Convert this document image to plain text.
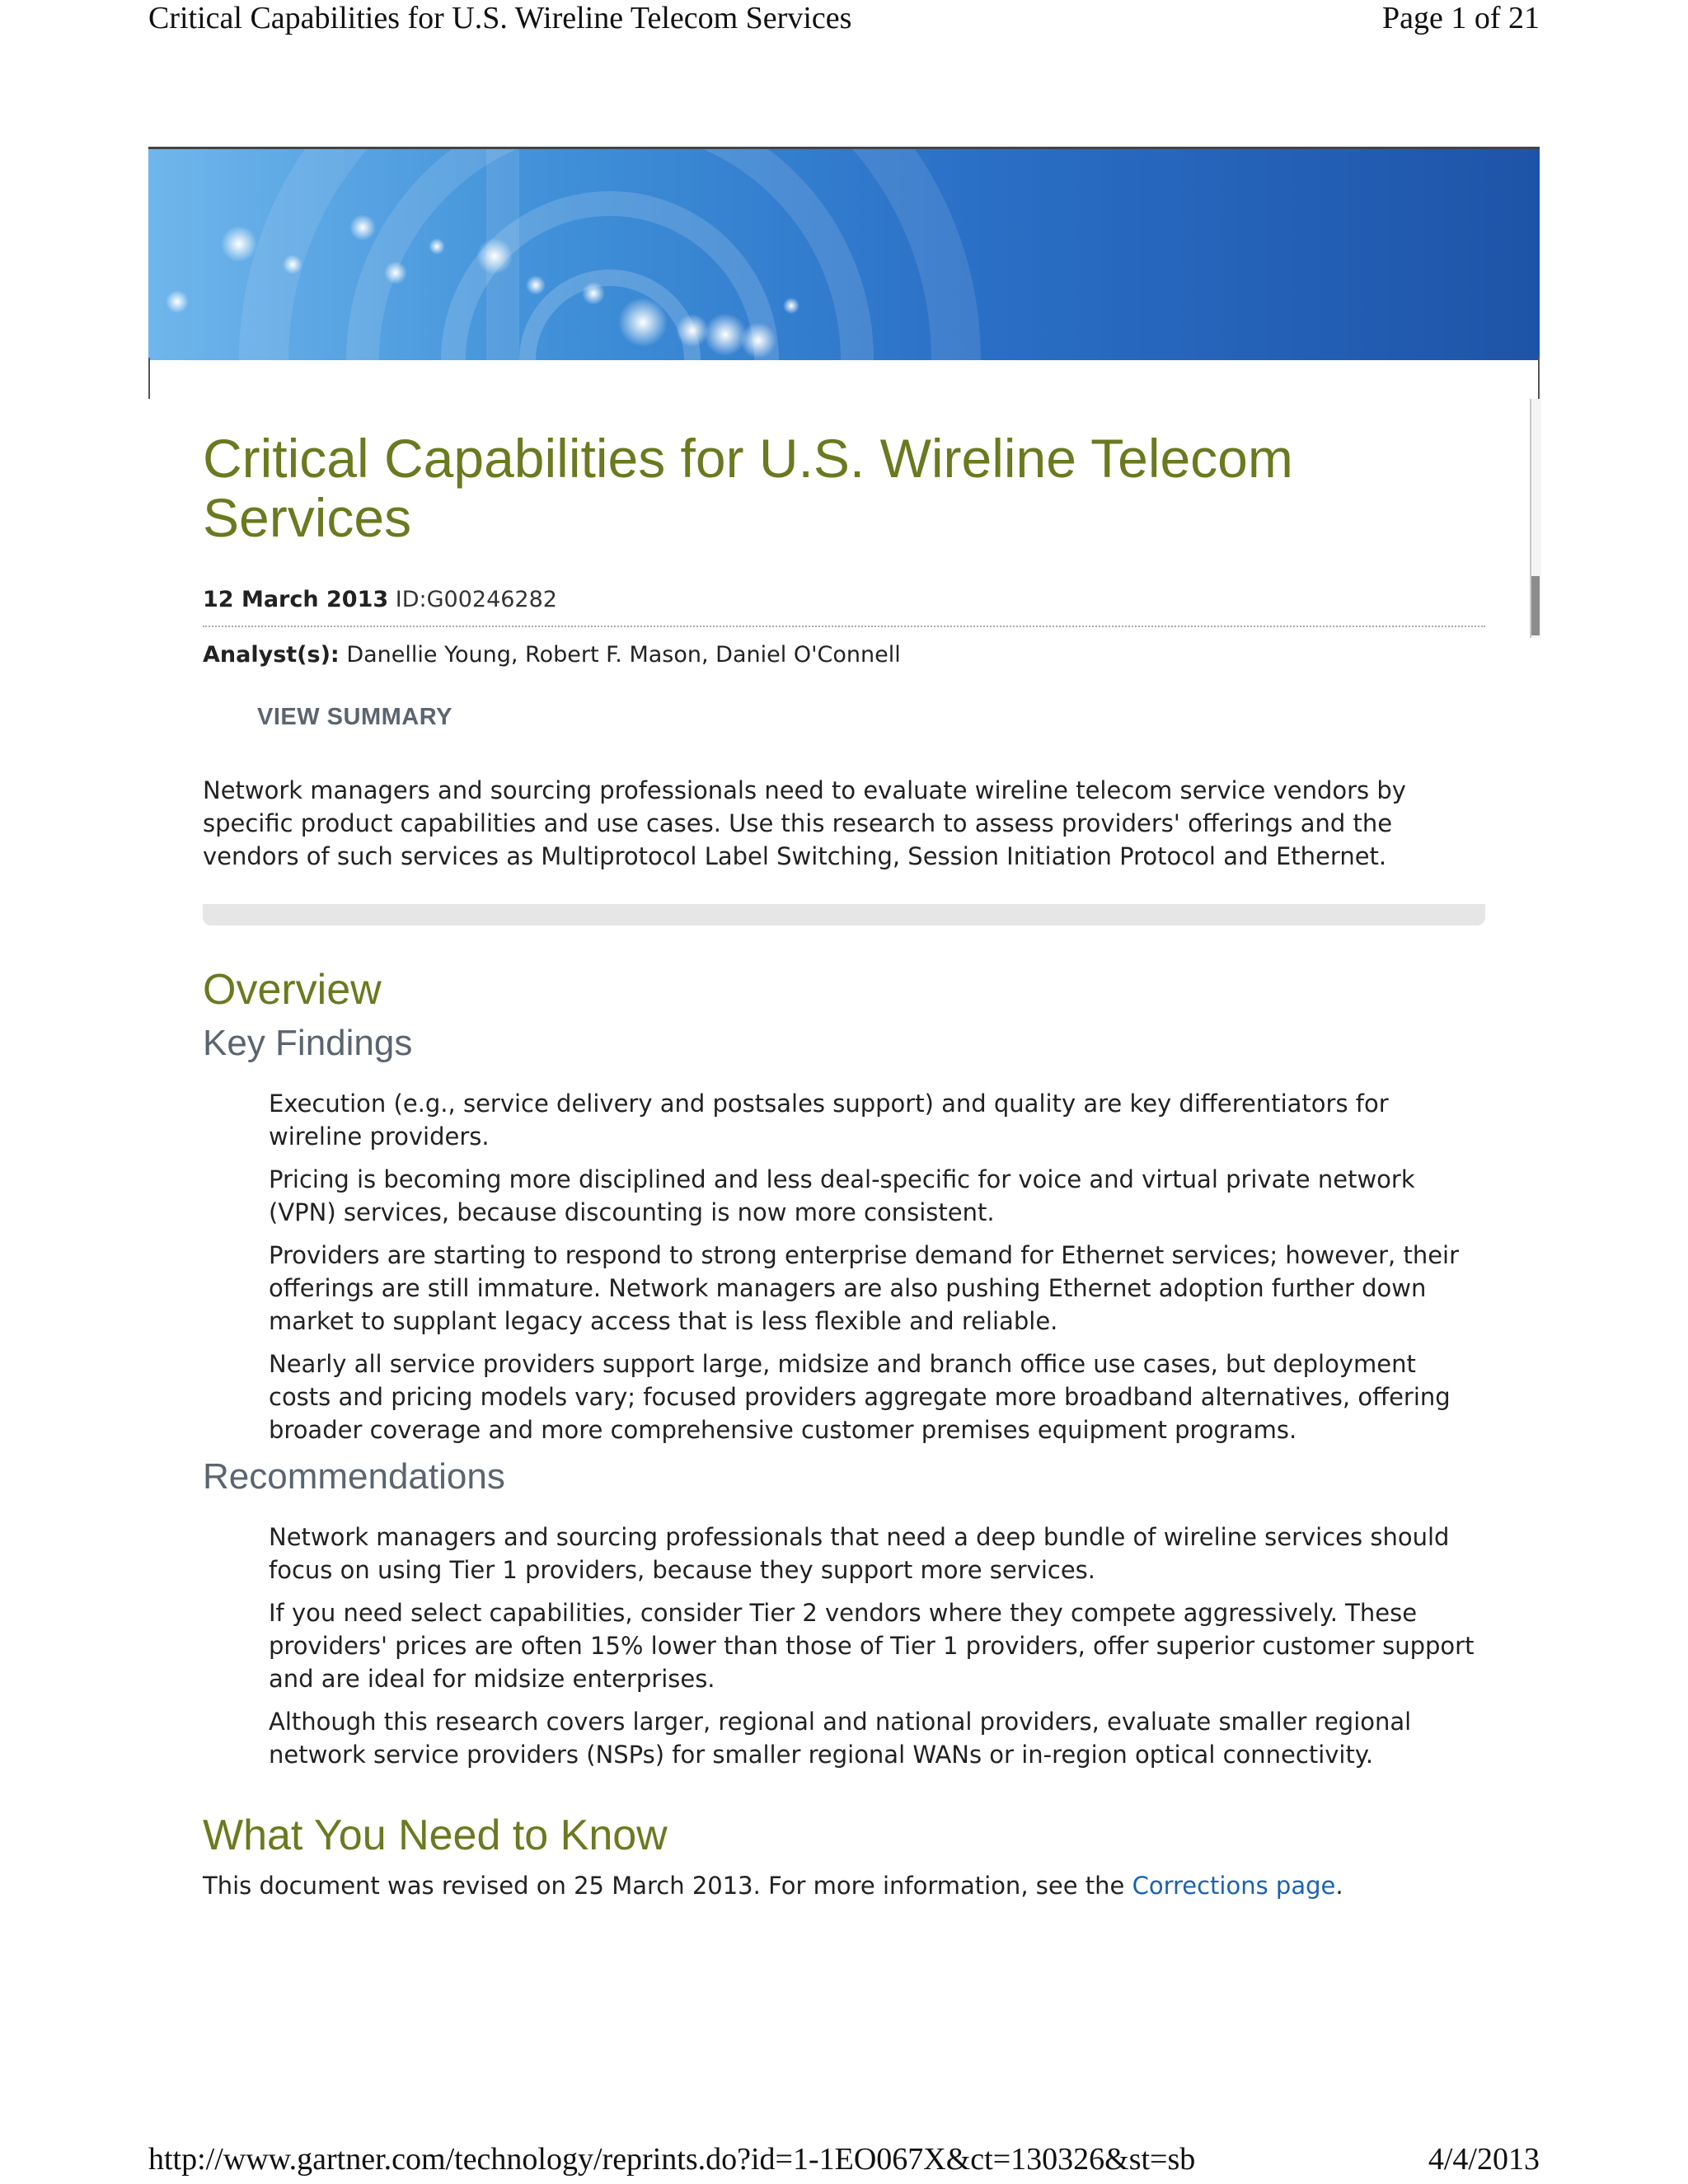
Critical Capabilities for U.S. Wireline Telecom Services	Page 1 of 21
Critical Capabilities for U.S. Wireline Telecom Services
12 March 2013 ID:G00246282
Analyst(s): Danellie Young, Robert F. Mason, Daniel O'Connell
VIEW SUMMARY

Network managers and sourcing professionals need to evaluate wireline telecom service vendors by specific product capabilities and use cases. Use this research to assess providers' offerings and the vendors of such services as Multiprotocol Label Switching, Session Initiation Protocol and Ethernet.

Overview
Key Findings
Execution (e.g., service delivery and postsales support) and quality are key differentiators for wireline providers.
Pricing is becoming more disciplined and less deal-specific for voice and virtual private network (VPN) services, because discounting is now more consistent.
Providers are starting to respond to strong enterprise demand for Ethernet services; however, their offerings are still immature. Network managers are also pushing Ethernet adoption further down market to supplant legacy access that is less flexible and reliable.
Nearly all service providers support large, midsize and branch office use cases, but deployment costs and pricing models vary; focused providers aggregate more broadband alternatives, offering broader coverage and more comprehensive customer premises equipment programs.
Recommendations
Network managers and sourcing professionals that need a deep bundle of wireline services should focus on using Tier 1 providers, because they support more services.
If you need select capabilities, consider Tier 2 vendors where they compete aggressively. These providers' prices are often 15% lower than those of Tier 1 providers, offer superior customer support and are ideal for midsize enterprises.
Although this research covers larger, regional and national providers, evaluate smaller regional network service providers (NSPs) for smaller regional WANs or in-region optical connectivity.
What You Need to Know
This document was revised on 25 March 2013. For more information, see the Corrections page.
http://www.gartner.com/technology/reprints.do?id=1-1EO067X&ct=130326&st=sb	4/4/2013
